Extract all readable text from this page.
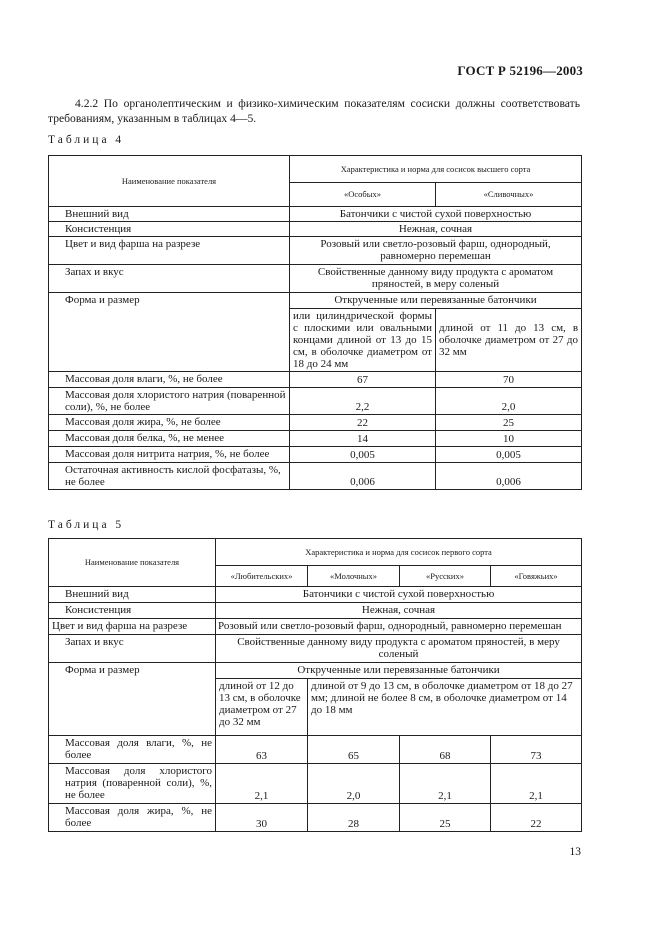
ГОСТ Р 52196—2003
4.2.2 По органолептическим и физико-химическим показателям сосиски должны соответствовать требованиям, указанным в таблицах 4—5.
Таблица 4
Наименование показателя	Характеристика и норма для сосисок высшего сорта	
	«Особых»	«Сливочных»
Внешний вид	Батончики с чистой сухой поверхностью	
Консистенция	Нежная, сочная	
Цвет и вид фарша на разрезе	Розовый или светло-розовый фарш, однородный, равномерно перемешан	
Запах и вкус	Свойственные данному виду продукта с ароматом пряностей, в меру соленый	
Форма и размер	Открученные или перевязанные батончики	
	или цилиндрической формы с плоскими или овальными концами длиной от 13 до 15 см, в оболочке диаметром от 18 до 24 мм	длиной от 11 до 13 см, в оболочке диаметром от 27 до 32 мм
Массовая доля влаги, %, не более	67	70
Массовая доля хлористого натрия (поваренной соли), %, не более	2,2	2,0
Массовая доля жира, %, не более	22	25
Массовая доля белка, %, не менее	14	10
Массовая доля нитрита натрия, %, не более	0,005	0,005
Остаточная активность кислой фосфатазы, %, не более	0,006	0,006
Таблица 5
Наименование показателя	Характеристика и норма для сосисок первого сорта			
	«Любительских»	«Молочных»	«Русских»	«Говяжьих»
Внешний вид	Батончики с чистой сухой поверхностью			
Консистенция	Нежная, сочная			
Цвет и вид фарша на разрезе	Розовый или светло-розовый фарш, однородный, равномерно перемешан			
Запах и вкус	Свойственные данному виду продукта с ароматом пряностей, в меру соленый			
Форма и размер	Открученные или перевязанные батончики			
	длиной от 12 до 13 см, в оболочке диаметром от 27 до 32 мм	длиной от 9 до 13 см, в оболочке диаметром от 18 до 27 мм; длиной не более 8 см, в оболочке диаметром от 14 до 18 мм		
Массовая доля влаги, %, не более	63	65	68	73
Массовая доля хлористого натрия (поваренной соли), %, не более	2,1	2,0	2,1	2,1
Массовая доля жира, %, не более	30	28	25	22
13
